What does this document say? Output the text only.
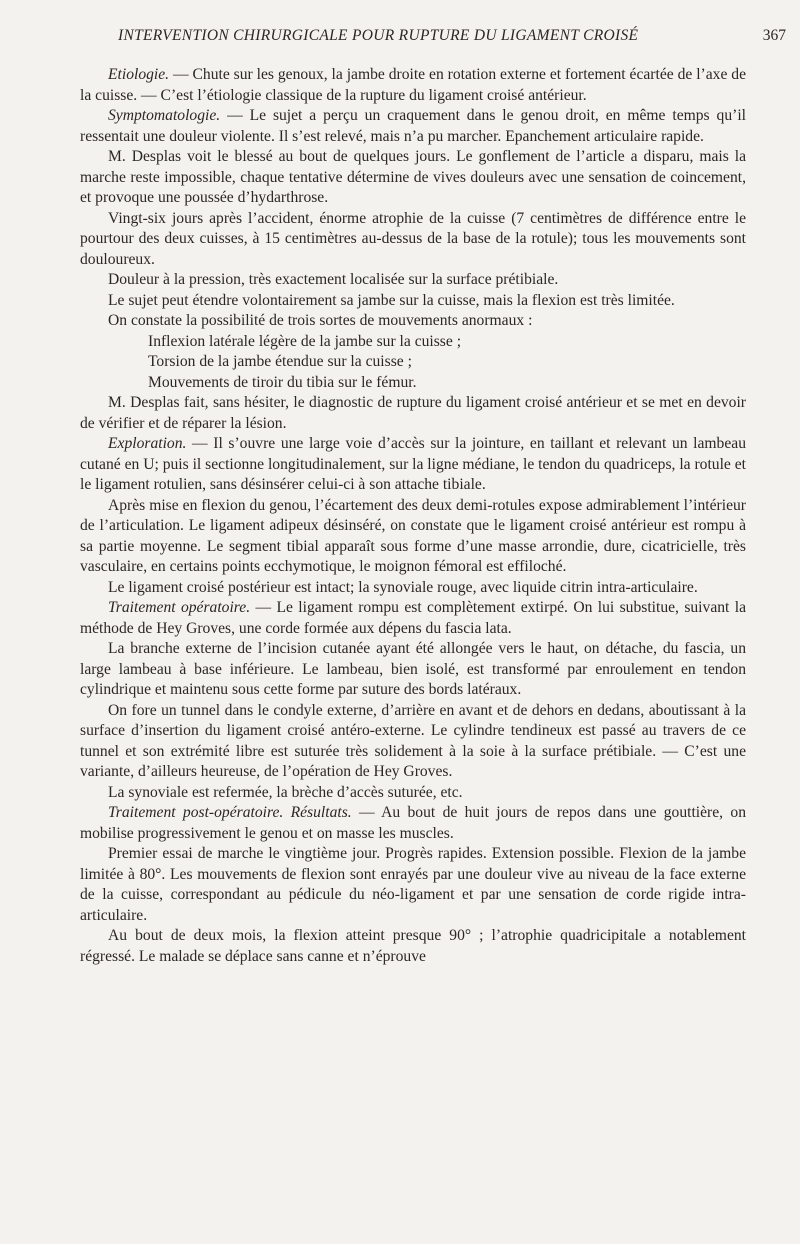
INTERVENTION CHIRURGICALE POUR RUPTURE DU LIGAMENT CROISÉ	367

Etiologie. — Chute sur les genoux, la jambe droite en rotation externe et fortement écartée de l’axe de la cuisse. — C’est l’étiologie classique de la rupture du ligament croisé antérieur.

Symptomatologie. — Le sujet a perçu un craquement dans le genou droit, en même temps qu’il ressentait une douleur violente. Il s’est relevé, mais n’a pu marcher. Epanchement articulaire rapide.

M. Desplas voit le blessé au bout de quelques jours. Le gonflement de l’article a disparu, mais la marche reste impossible, chaque tentative détermine de vives douleurs avec une sensation de coincement, et provoque une poussée d’hydarthrose.

Vingt-six jours après l’accident, énorme atrophie de la cuisse (7 centimètres de différence entre le pourtour des deux cuisses, à 15 centimètres au-dessus de la base de la rotule); tous les mouvements sont douloureux.

Douleur à la pression, très exactement localisée sur la surface prétibiale.

Le sujet peut étendre volontairement sa jambe sur la cuisse, mais la flexion est très limitée.

On constate la possibilité de trois sortes de mouvements anormaux :

Inflexion latérale légère de la jambe sur la cuisse ;

Torsion de la jambe étendue sur la cuisse ;

Mouvements de tiroir du tibia sur le fémur.

M. Desplas fait, sans hésiter, le diagnostic de rupture du ligament croisé antérieur et se met en devoir de vérifier et de réparer la lésion.

Exploration. — Il s’ouvre une large voie d’accès sur la jointure, en taillant et relevant un lambeau cutané en U; puis il sectionne longitudinalement, sur la ligne médiane, le tendon du quadriceps, la rotule et le ligament rotulien, sans désinsérer celui-ci à son attache tibiale.

Après mise en flexion du genou, l’écartement des deux demi-rotules expose admirablement l’intérieur de l’articulation. Le ligament adipeux désinséré, on constate que le ligament croisé antérieur est rompu à sa partie moyenne. Le segment tibial apparaît sous forme d’une masse arrondie, dure, cicatricielle, très vasculaire, en certains points ecchymotique, le moignon fémoral est effiloché.

Le ligament croisé postérieur est intact; la synoviale rouge, avec liquide citrin intra-articulaire.

Traitement opératoire. — Le ligament rompu est complètement extirpé. On lui substitue, suivant la méthode de Hey Groves, une corde formée aux dépens du fascia lata.

La branche externe de l’incision cutanée ayant été allongée vers le haut, on détache, du fascia, un large lambeau à base inférieure. Le lambeau, bien isolé, est transformé par enroulement en tendon cylindrique et maintenu sous cette forme par suture des bords latéraux.

On fore un tunnel dans le condyle externe, d’arrière en avant et de dehors en dedans, aboutissant à la surface d’insertion du ligament croisé antéro-externe. Le cylindre tendineux est passé au travers de ce tunnel et son extrémité libre est suturée très solidement à la soie à la surface prétibiale. — C’est une variante, d’ailleurs heureuse, de l’opération de Hey Groves.

La synoviale est refermée, la brèche d’accès suturée, etc.

Traitement post-opératoire. Résultats. — Au bout de huit jours de repos dans une gouttière, on mobilise progressivement le genou et on masse les muscles.

Premier essai de marche le vingtième jour. Progrès rapides. Extension possible. Flexion de la jambe limitée à 80°. Les mouvements de flexion sont enrayés par une douleur vive au niveau de la face externe de la cuisse, correspondant au pédicule du néo-ligament et par une sensation de corde rigide intra-articulaire.

Au bout de deux mois, la flexion atteint presque 90° ; l’atrophie quadricipitale a notablement régressé. Le malade se déplace sans canne et n’éprouve
